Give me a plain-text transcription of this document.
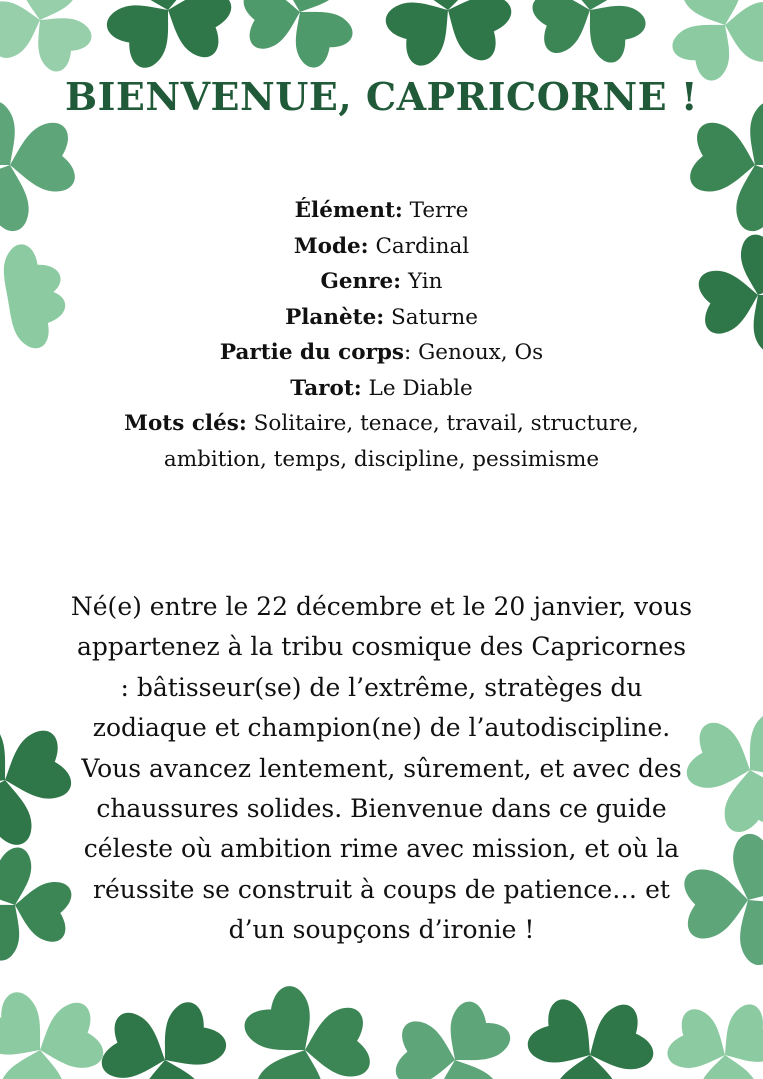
BIENVENUE, CAPRICORNE !
Élément: Terre
Mode: Cardinal
Genre: Yin
Planète: Saturne
Partie du corps: Genoux, Os
Tarot: Le Diable
Mots clés: Solitaire, tenace, travail, structure, ambition, temps, discipline, pessimisme

Né(e) entre le 22 décembre et le 20 janvier, vous appartenez à la tribu cosmique des Capricornes : bâtisseur(se) de l’extrême, stratèges du zodiaque et champion(ne) de l’autodiscipline. Vous avancez lentement, sûrement, et avec des chaussures solides. Bienvenue dans ce guide céleste où ambition rime avec mission, et où la réussite se construit à coups de patience… et d’un soupçons d’ironie !
